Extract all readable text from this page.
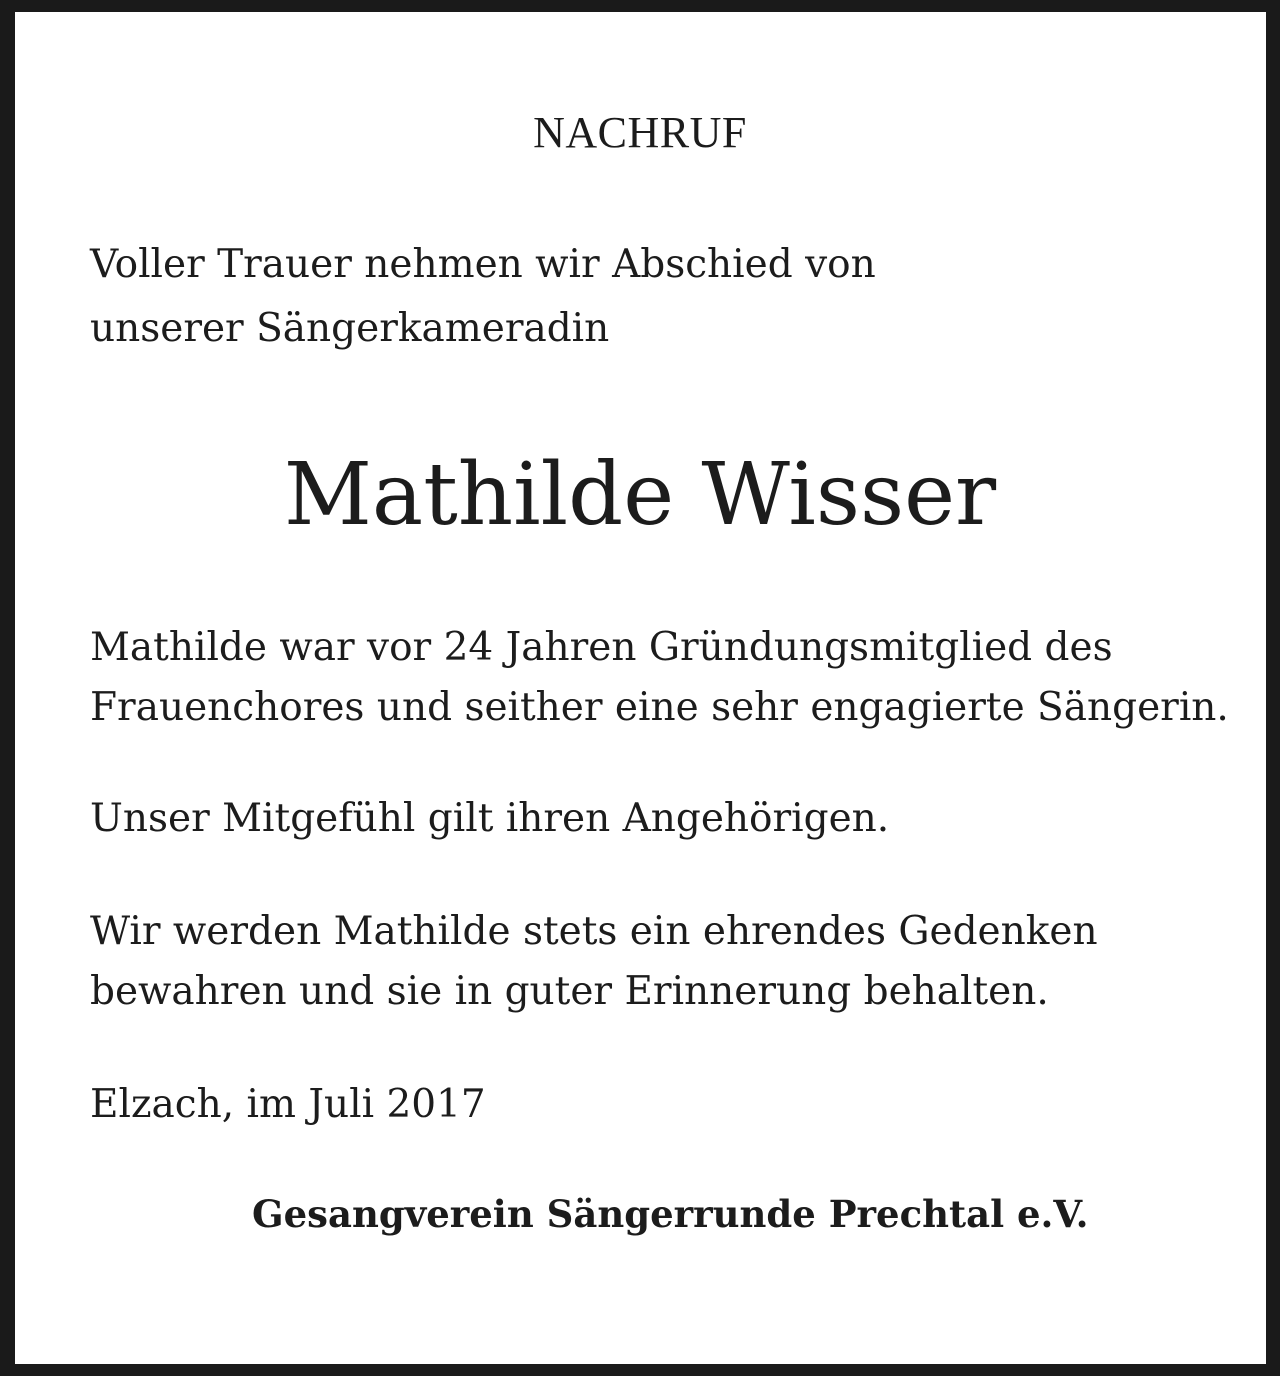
NACHRUF

Voller Trauer nehmen wir Abschied von

unserer Sängerkameradin

Mathilde Wisser

Mathilde war vor 24 Jahren Gründungsmitglied des

Frauenchores und seither eine sehr engagierte Sängerin.

Unser Mitgefühl gilt ihren Angehörigen.

Wir werden Mathilde stets ein ehrendes Gedenken

bewahren und sie in guter Erinnerung behalten.

Elzach, im Juli 2017

Gesangverein Sängerrunde Prechtal e.V.
